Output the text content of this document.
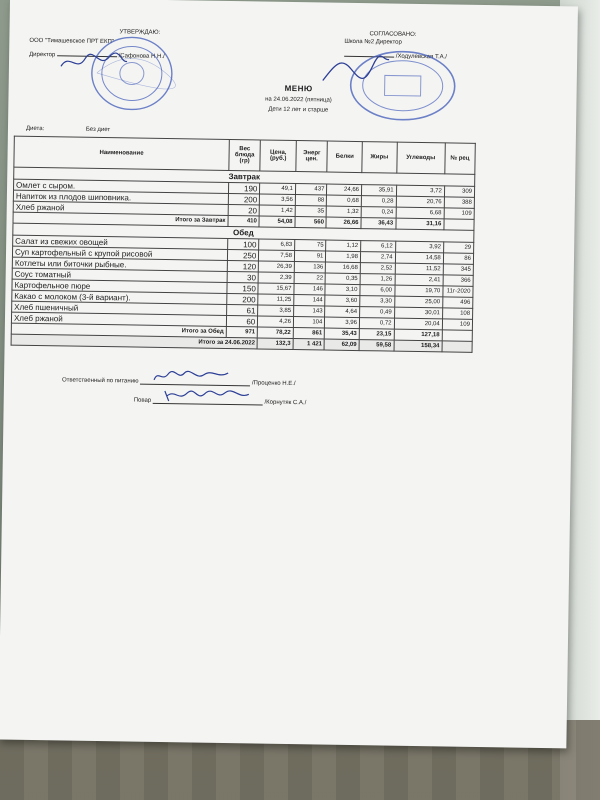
УТВЕРЖДАЮ:
ООО "Тимашевское ПРТ ЕКП"
Директор	/Сафонова Н.Н./
СОГЛАСОВАНО:
Школа №2 Директор
/Ходулевская Т.А./
МЕНЮ
на 24.06.2022 (пятница)
Дети 12 лет и старше
Диета:	Без диет
Наименование	Вес блюда (гр)	Цена, (руб.)	Энерг цен.	Белки	Жиры	Углеводы	№ рец
Завтрак							
Омлет с сыром.	190	49,1	437	24,66	35,91	3,72	309
Напиток из плодов шиповника.	200	3,56	88	0,68	0,28	20,76	388
Хлеб ржаной	20	1,42	35	1,32	0,24	6,68	109
Итого за Завтрак	410	54,08	560	26,66	36,43	31,16	
Обед							
Салат из свежих овощей	100	6,83	75	1,12	6,12	3,92	29
Суп картофельный с крупой рисовой	250	7,58	91	1,98	2,74	14,58	86
Котлеты или биточки рыбные.	120	26,39	136	16,68	2,52	11,52	345
Соус томатный	30	2,39	22	0,35	1,26	2,41	366
Картофельное пюре	150	15,67	146	3,10	6,00	19,70	11г-2020
Какао с молоком (3-й вариант).	200	11,25	144	3,60	3,30	25,00	496
Хлеб пшеничный	61	3,85	143	4,64	0,49	30,01	108
Хлеб ржаной	60	4,26	104	3,96	0,72	20,04	109
Итого за Обед	971	78,22	861	35,43	23,15	127,18	
Итого за 24.06.2022		132,3	1 421	62,09	59,58	158,34	
Ответственный по питанию	/Проценко Н.Е./
Повар	/Корнутяк С.А./
